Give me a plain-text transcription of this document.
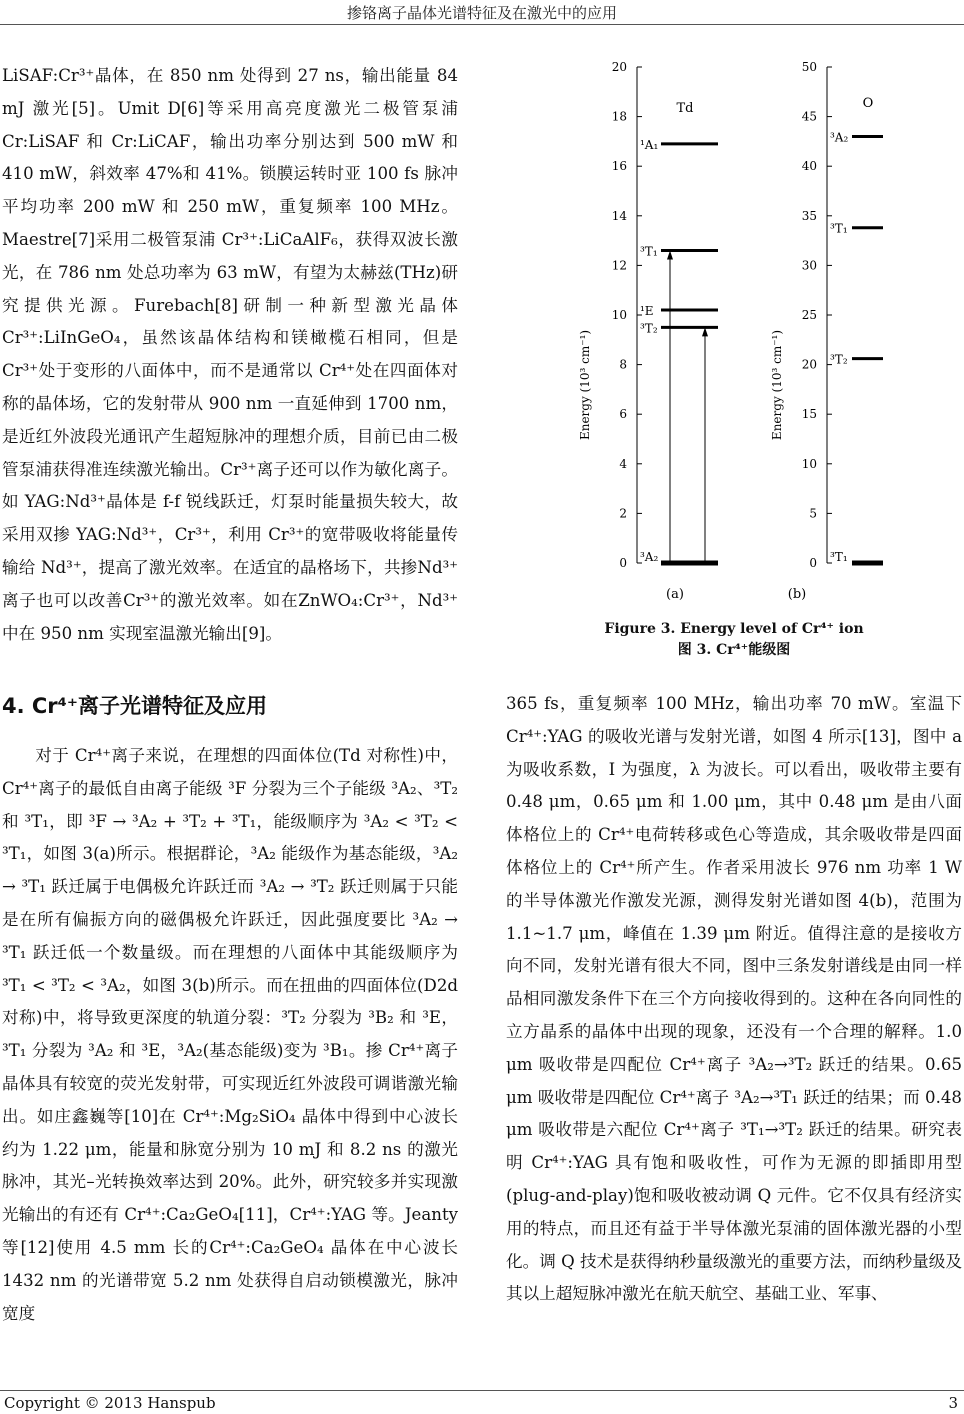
掺铬离子晶体光谱特征及在激光中的应用

LiSAF:Cr³⁺晶体，在 850 nm 处得到 27 ns，输出能量 84 mJ 激光[5]。Umit D[6]等采用高亮度激光二极管泵浦 Cr:LiSAF 和 Cr:LiCAF，输出功率分别达到 500 mW 和 410 mW，斜效率 47%和 41%。锁膜运转时亚 100 fs 脉冲平均功率 200 mW 和 250 mW，重复频率 100 MHz。Maestre[7]采用二极管泵浦 Cr³⁺:LiCaAlF₆，获得双波长激光，在 786 nm 处总功率为 63 mW，有望为太赫兹(THz)研究提供光源。Furebach[8]研制一种新型激光晶体 Cr³⁺:LiInGeO₄，虽然该晶体结构和镁橄榄石相同，但是 Cr³⁺处于变形的八面体中，而不是通常以 Cr⁴⁺处在四面体对称的晶体场，它的发射带从 900 nm 一直延伸到 1700 nm，是近红外波段光通讯产生超短脉冲的理想介质，目前已由二极管泵浦获得准连续激光输出。Cr³⁺离子还可以作为敏化离子。如 YAG:Nd³⁺晶体是 f-f 锐线跃迁，灯泵时能量损失较大，故采用双掺 YAG:Nd³⁺，Cr³⁺，利用 Cr³⁺的宽带吸收将能量传输给 Nd³⁺，提高了激光效率。在适宜的晶格场下，共掺Nd³⁺离子也可以改善Cr³⁺的激光效率。如在ZnWO₄:Cr³⁺，Nd³⁺中在 950 nm 实现室温激光输出[9]。

4. Cr⁴⁺离子光谱特征及应用

对于 Cr⁴⁺离子来说，在理想的四面体位(Td 对称性)中，Cr⁴⁺离子的最低自由离子能级 ³F 分裂为三个子能级 ³A₂、³T₂ 和 ³T₁，即 ³F → ³A₂ + ³T₂ + ³T₁，能级顺序为 ³A₂ < ³T₂ < ³T₁，如图 3(a)所示。根据群论，³A₂ 能级作为基态能级，³A₂ → ³T₁ 跃迁属于电偶极允许跃迁而 ³A₂ → ³T₂ 跃迁则属于只能是在所有偏振方向的磁偶极允许跃迁，因此强度要比 ³A₂ → ³T₁ 跃迁低一个数量级。而在理想的八面体中其能级顺序为 ³T₁ < ³T₂ < ³A₂，如图 3(b)所示。而在扭曲的四面体位(D2d 对称)中，将导致更深度的轨道分裂：³T₂ 分裂为 ³B₂ 和 ³E，³T₁ 分裂为 ³A₂ 和 ³E，³A₂(基态能级)变为 ³B₁。掺 Cr⁴⁺离子晶体具有较宽的荧光发射带，可实现近红外波段可调谐激光输出。如庄鑫巍等[10]在 Cr⁴⁺:Mg₂SiO₄ 晶体中得到中心波长约为 1.22 μm，能量和脉宽分别为 10 mJ 和 8.2 ns 的激光脉冲，其光–光转换效率达到 20%。此外，研究较多并实现激光输出的有还有 Cr⁴⁺:Ca₂GeO₄[11]，Cr⁴⁺:YAG 等。Jeanty 等[12]使用 4.5 mm 长的Cr⁴⁺:Ca₂GeO₄ 晶体在中心波长 1432 nm 的光谱带宽 5.2 nm 处获得自启动锁模激光，脉冲宽度

0
2
4
6
8
10
12
14
16
18
20
Energy (10³ cm⁻¹)
Td
³A₂
³T₂
¹E
³T₁
¹A₁
(a)
0
5
10
15
20
25
30
35
40
45
50
Energy (10³ cm⁻¹)
O
³T₁
³T₂
³T₁
³A₂
(b)
Figure 3. Energy level of Cr⁴⁺ ion
图 3. Cr⁴⁺能级图

365 fs，重复频率 100 MHz，输出功率 70 mW。室温下 Cr⁴⁺:YAG 的吸收光谱与发射光谱，如图 4 所示[13]，图中 a 为吸收系数，I 为强度，λ 为波长。可以看出，吸收带主要有 0.48 μm，0.65 μm 和 1.00 μm，其中 0.48 μm 是由八面体格位上的 Cr⁴⁺电荷转移或色心等造成，其余吸收带是四面体格位上的 Cr⁴⁺所产生。作者采用波长 976 nm 功率 1 W 的半导体激光作激发光源，测得发射光谱如图 4(b)，范围为 1.1~1.7 μm，峰值在 1.39 μm 附近。值得注意的是接收方向不同，发射光谱有很大不同，图中三条发射谱线是由同一样品相同激发条件下在三个方向接收得到的。这种在各向同性的立方晶系的晶体中出现的现象，还没有一个合理的解释。1.0 μm 吸收带是四配位 Cr⁴⁺离子 ³A₂→³T₂ 跃迁的结果。0.65 μm 吸收带是四配位 Cr⁴⁺离子 ³A₂→³T₁ 跃迁的结果；而 0.48 μm 吸收带是六配位 Cr⁴⁺离子 ³T₁→³T₂ 跃迁的结果。研究表明 Cr⁴⁺:YAG 具有饱和吸收性，可作为无源的即插即用型(plug-and-play)饱和吸收被动调 Q 元件。它不仅具有经济实用的特点，而且还有益于半导体激光泵浦的固体激光器的小型化。调 Q 技术是获得纳秒量级激光的重要方法，而纳秒量级及其以上超短脉冲激光在航天航空、基础工业、军事、

Copyright © 2013 Hanspub	3
